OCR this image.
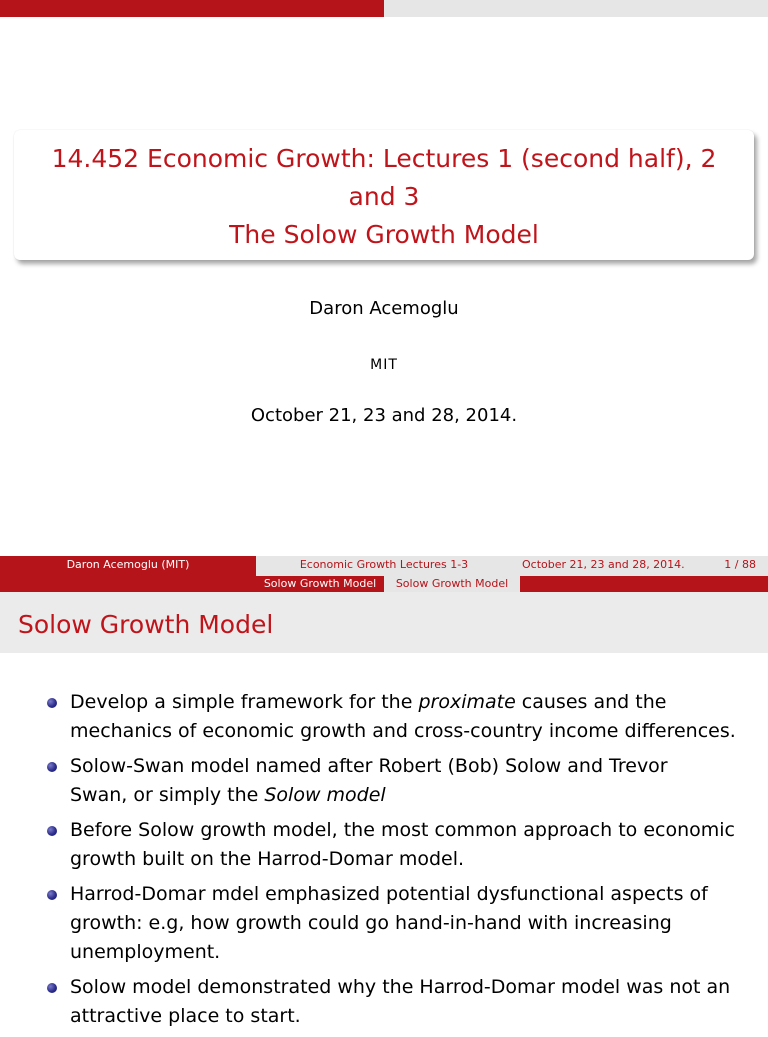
14.452 Economic Growth: Lectures 1 (second half), 2
and 3
The Solow Growth Model
Daron Acemoglu
MIT
October 21, 23 and 28, 2014.
Daron Acemoglu (MIT)	Economic Growth Lectures 1-3	October 21, 23 and 28, 2014.	1 / 88
Solow Growth Model	Solow Growth Model
Solow Growth Model
Develop a simple framework for the proximate causes and the
mechanics of economic growth and cross-country income differences.
Solow-Swan model named after Robert (Bob) Solow and Trevor
Swan, or simply the Solow model
Before Solow growth model, the most common approach to economic
growth built on the Harrod-Domar model.
Harrod-Domar mdel emphasized potential dysfunctional aspects of
growth: e.g, how growth could go hand-in-hand with increasing
unemployment.
Solow model demonstrated why the Harrod-Domar model was not an
attractive place to start.
